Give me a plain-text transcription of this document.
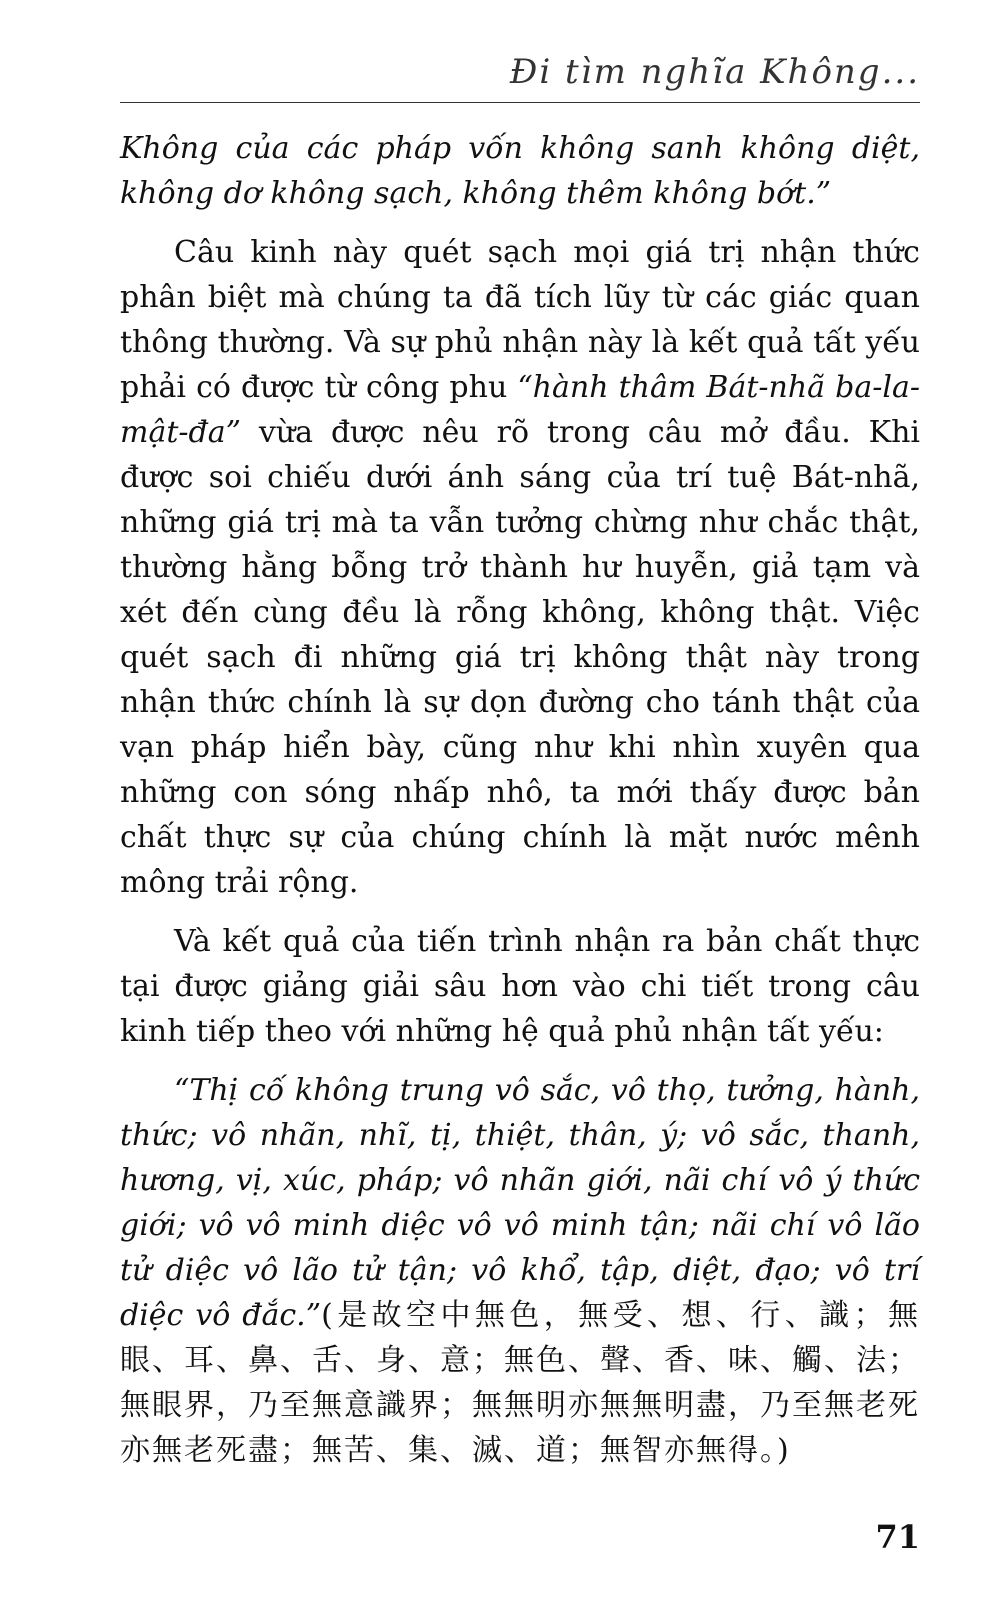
Đi tìm nghĩa Không...

Không của các pháp vốn không sanh không diệt, không dơ không sạch, không thêm không bớt.”

Câu kinh này quét sạch mọi giá trị nhận thức phân biệt mà chúng ta đã tích lũy từ các giác quan thông thường. Và sự phủ nhận này là kết quả tất yếu phải có được từ công phu “hành thâm Bát-nhã ba-la-mật-đa” vừa được nêu rõ trong câu mở đầu. Khi được soi chiếu dưới ánh sáng của trí tuệ Bát-nhã, những giá trị mà ta vẫn tưởng chừng như chắc thật, thường hằng bỗng trở thành hư huyễn, giả tạm và xét đến cùng đều là rỗng không, không thật. Việc quét sạch đi những giá trị không thật này trong nhận thức chính là sự dọn đường cho tánh thật của vạn pháp hiển bày, cũng như khi nhìn xuyên qua những con sóng nhấp nhô, ta mới thấy được bản chất thực sự của chúng chính là mặt nước mênh mông trải rộng.

Và kết quả của tiến trình nhận ra bản chất thực tại được giảng giải sâu hơn vào chi tiết trong câu kinh tiếp theo với những hệ quả phủ nhận tất yếu:

“Thị cố không trung vô sắc, vô thọ, tưởng, hành, thức; vô nhãn, nhĩ, tị, thiệt, thân, ý; vô sắc, thanh, hương, vị, xúc, pháp; vô nhãn giới, nãi chí vô ý thức giới; vô vô minh diệc vô vô minh tận; nãi chí vô lão tử diệc vô lão tử tận; vô khổ, tập, diệt, đạo; vô trí diệc vô đắc.”(是故空中無色，無受、想、行、識；無眼、耳、鼻、舌、身、意；無色、聲、香、味、觸、法；無眼界，乃至無意識界；無無明亦無無明盡，乃至無老死亦無老死盡；無苦、集、滅、道；無智亦無得。)

71
